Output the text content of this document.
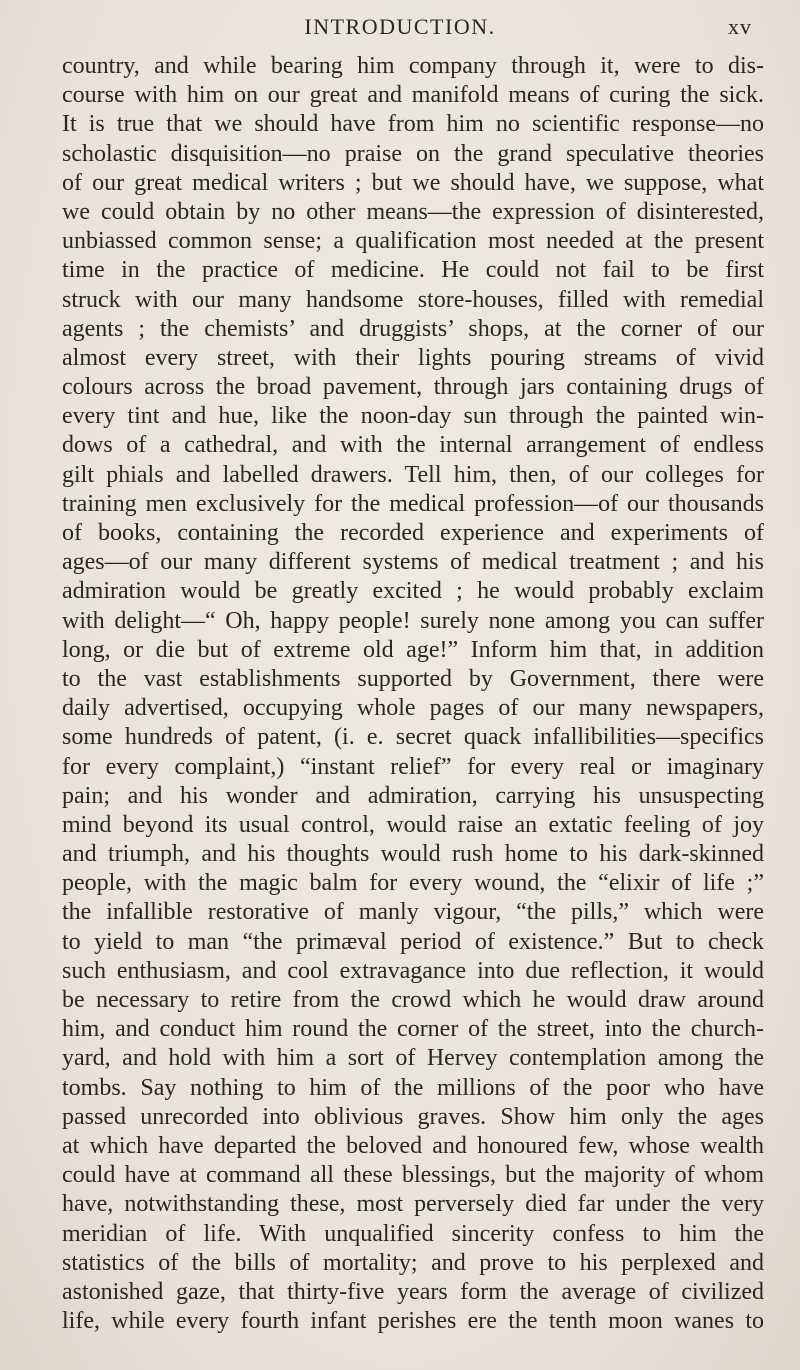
INTRODUCTION.	xv
country, and while bearing him company through it, were to dis-
course with him on our great and manifold means of curing the sick.
It is true that we should have from him no scientific response—no
scholastic disquisition—no praise on the grand speculative theories
of our great medical writers ; but we should have, we suppose, what
we could obtain by no other means—the expression of disinterested,
unbiassed common sense; a qualification most needed at the present
time in the practice of medicine. He could not fail to be first
struck with our many handsome store-houses, filled with remedial
agents ; the chemists’ and druggists’ shops, at the corner of our
almost every street, with their lights pouring streams of vivid
colours across the broad pavement, through jars containing drugs of
every tint and hue, like the noon-day sun through the painted win-
dows of a cathedral, and with the internal arrangement of endless
gilt phials and labelled drawers. Tell him, then, of our colleges for
training men exclusively for the medical profession—of our thousands
of books, containing the recorded experience and experiments of
ages—of our many different systems of medical treatment ; and his
admiration would be greatly excited ; he would probably exclaim
with delight—“ Oh, happy people! surely none among you can suffer
long, or die but of extreme old age!” Inform him that, in addition
to the vast establishments supported by Government, there were
daily advertised, occupying whole pages of our many newspapers,
some hundreds of patent, (i. e. secret quack infallibilities—specifics
for every complaint,) “instant relief” for every real or imaginary
pain; and his wonder and admiration, carrying his unsuspecting
mind beyond its usual control, would raise an extatic feeling of joy
and triumph, and his thoughts would rush home to his dark-skinned
people, with the magic balm for every wound, the “elixir of life ;”
the infallible restorative of manly vigour, “the pills,” which were
to yield to man “the primæval period of existence.” But to check
such enthusiasm, and cool extravagance into due reflection, it would
be necessary to retire from the crowd which he would draw around
him, and conduct him round the corner of the street, into the church-
yard, and hold with him a sort of Hervey contemplation among the
tombs. Say nothing to him of the millions of the poor who have
passed unrecorded into oblivious graves. Show him only the ages
at which have departed the beloved and honoured few, whose wealth
could have at command all these blessings, but the majority of whom
have, notwithstanding these, most perversely died far under the very
meridian of life. With unqualified sincerity confess to him the
statistics of the bills of mortality; and prove to his perplexed and
astonished gaze, that thirty-five years form the average of civilized
life, while every fourth infant perishes ere the tenth moon wanes to
